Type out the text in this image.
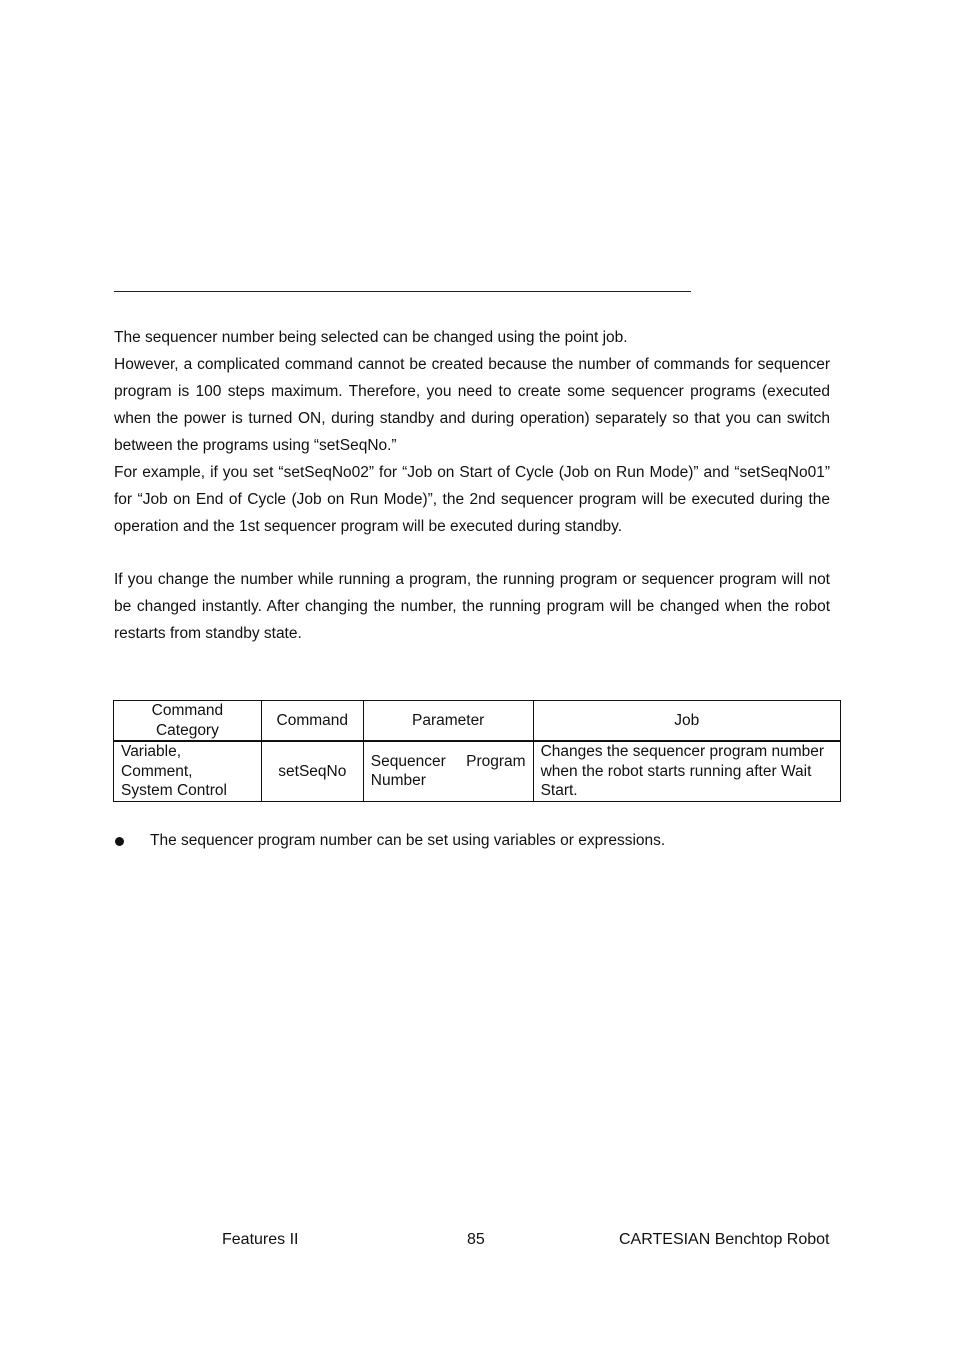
The sequencer number being selected can be changed using the point job.

However, a complicated command cannot be created because the number of commands for sequencer program is 100 steps maximum. Therefore, you need to create some sequencer programs (executed when the power is turned ON, during standby and during operation) separately so that you can switch between the programs using “setSeqNo.”

For example, if you set “setSeqNo02” for “Job on Start of Cycle (Job on Run Mode)” and “setSeqNo01” for “Job on End of Cycle (Job on Run Mode)”, the 2nd sequencer program will be executed during the operation and the 1st sequencer program will be executed during standby.

If you change the number while running a program, the running program or sequencer program will not be changed instantly. After changing the number, the running program will be changed when the robot restarts from standby state.

Command Category	Command	Parameter	Job

Variable,
Comment,
System Control	setSeqNo	Sequencer Program Number	Changes the sequencer program number when the robot starts running after Wait Start.
The sequencer program number can be set using variables or expressions.
Features II	85	CARTESIAN Benchtop Robot
